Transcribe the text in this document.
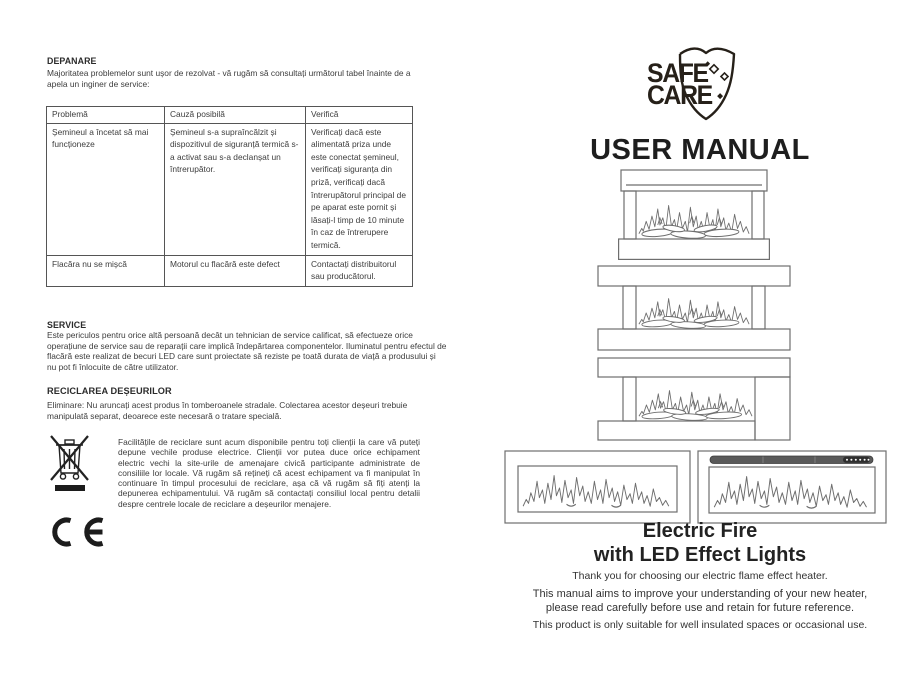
DEPANARE
Majoritatea problemelor sunt ușor de rezolvat - vă rugăm să consultați următorul tabel înainte de a apela un inginer de service:
Problemă	Cauză posibilă	Verifică
Șemineul a încetat să mai funcționeze	Șemineul s-a supraîncălzit și dispozitivul de siguranță termică s-a activat sau s-a declanșat un întrerupător.	Verificați dacă este alimentată priza unde este conectat șemineul, verificați siguranța din priză, verificați dacă întrerupătorul principal de pe aparat este pornit și lăsați-l timp de 10 minute în caz de întrerupere termică.
Flacăra nu se mișcă	Motorul cu flacără este defect	Contactați distribuitorul sau producătorul.
SERVICE
Este periculos pentru orice altă persoană decât un tehnician de service calificat, să efectueze orice operațiune de service sau de reparații care implică îndepărtarea componentelor. Iluminatul pentru efectul de flacără este realizat de becuri LED care sunt proiectate să reziste pe toată durata de viață a produsului și nu pot fi înlocuite de către utilizator.
RECICLAREA DEȘEURILOR
Eliminare: Nu aruncați acest produs în tomberoanele stradale. Colectarea acestor deșeuri trebuie manipulată separat, deoarece este necesară o tratare specială.
Facilitățile de reciclare sunt acum disponibile pentru toți clienții la care vă puteți depune vechile produse electrice. Clienții vor putea duce orice echipament electric vechi la site-urile de amenajare civică participante administrate de consiliile lor locale. Vă rugăm să rețineți că acest echipament va fi manipulat în continuare în timpul procesului de reciclare, așa că vă rugăm să fiți atenți la depunerea echipamentului. Vă rugăm să contactați consiliul local pentru detalii despre centrele locale de reciclare a deșeurilor menajere.
SAFE
CARE
USER MANUAL
Electric Fire
with LED Effect Lights
Thank you for choosing our electric flame effect heater.
This manual aims to improve your understanding of your new heater,
please read carefully before use and retain for future reference.
This product is only suitable for well insulated spaces or occasional use.
